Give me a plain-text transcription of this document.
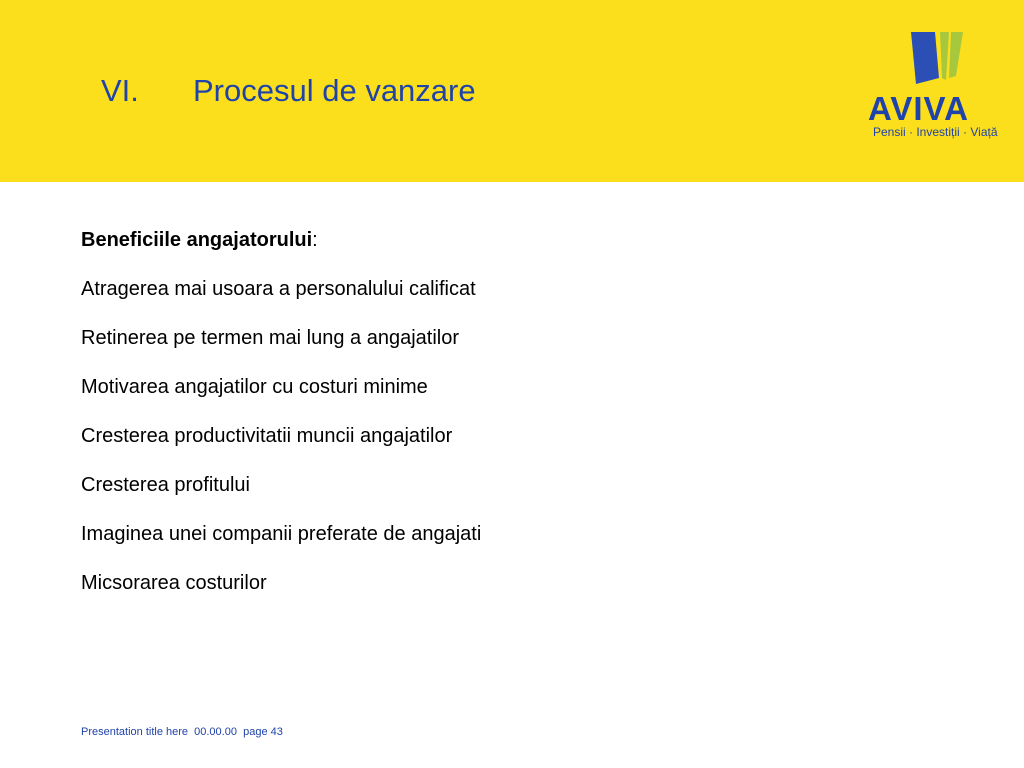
VI. Procesul de vanzare	AVIVA
Pensii · Investiții · Viață

Beneficiile angajatorului:

Atragerea mai usoara a personalului calificat
Retinerea pe termen mai lung a angajatilor
Motivarea angajatilor cu costuri minime
Cresterea productivitatii muncii angajatilor
Cresterea profitului
Imaginea unei companii preferate de angajati
Micsorarea costurilor
Presentation title here 00.00.00 page 43
